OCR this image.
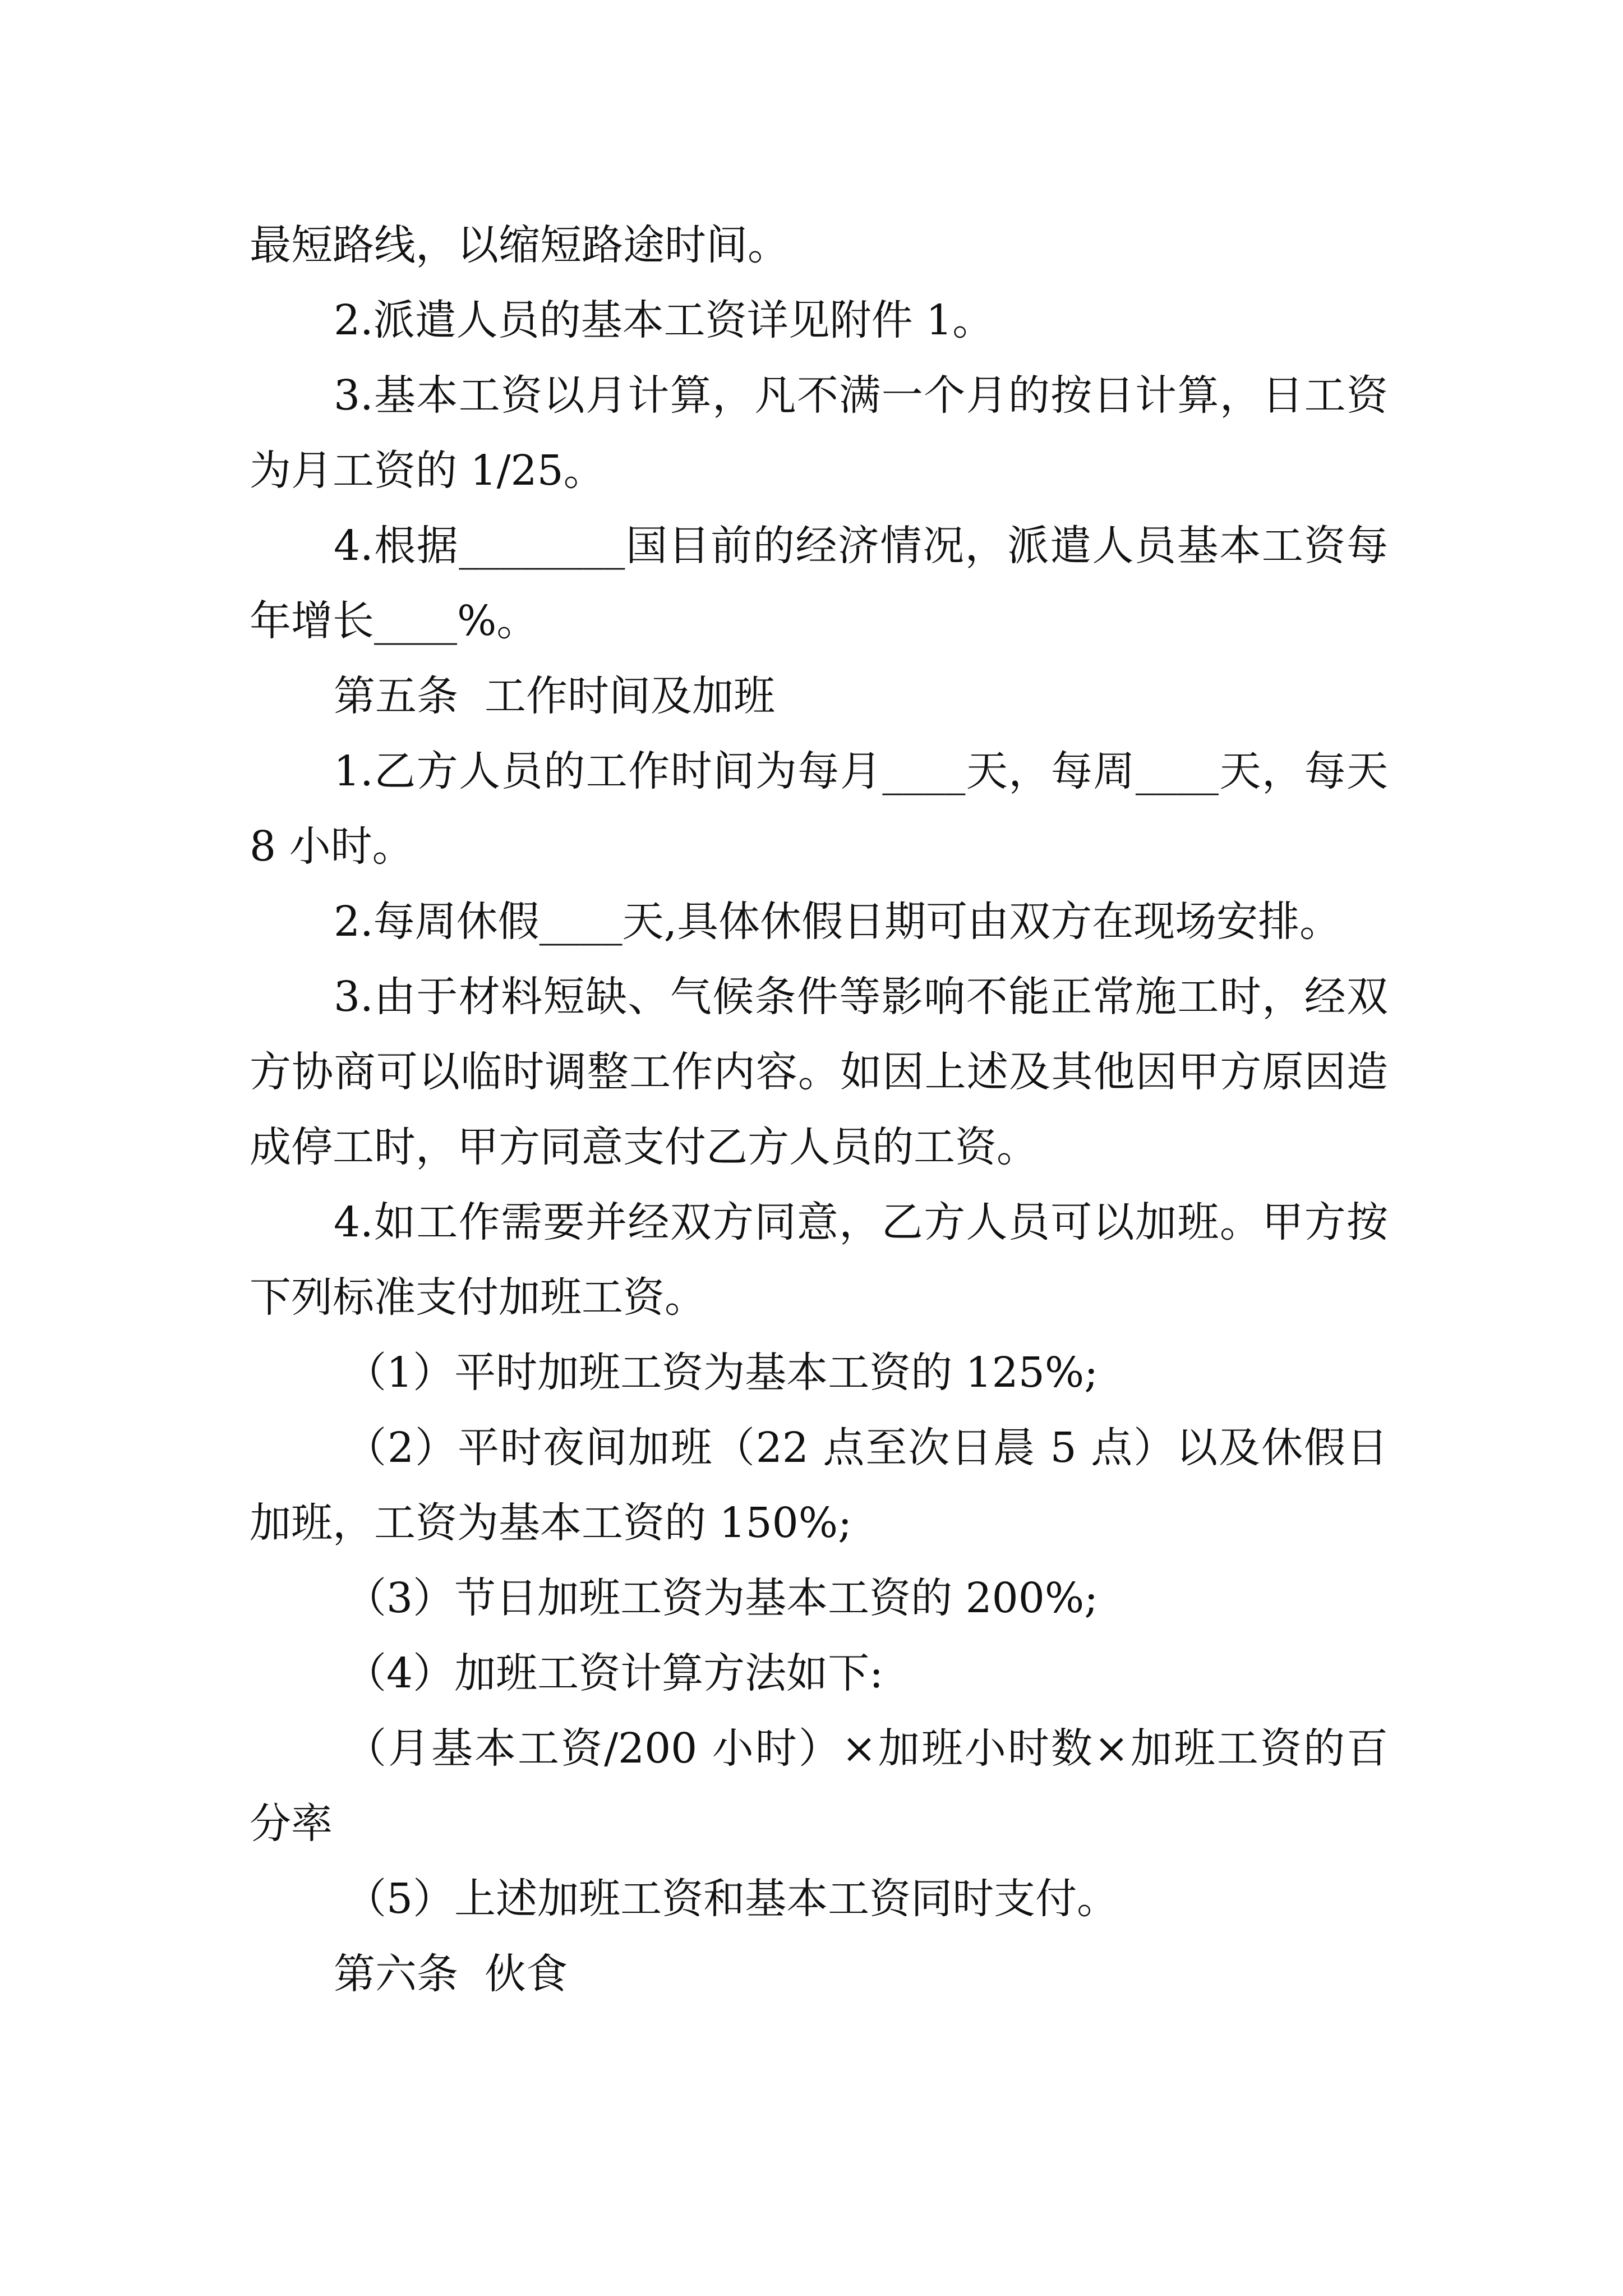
最短路线，以缩短路途时间。

2.派遣人员的基本工资详见附件 1。

3.基本工资以月计算，凡不满一个月的按日计算，日工资为月工资的 1/25。

4.根据________国目前的经济情况，派遣人员基本工资每年增长____%。

第五条  工作时间及加班

1.乙方人员的工作时间为每月____天，每周____天，每天 8 小时。

2.每周休假____天,具体休假日期可由双方在现场安排。

3.由于材料短缺、气候条件等影响不能正常施工时，经双方协商可以临时调整工作内容。如因上述及其他因甲方原因造成停工时，甲方同意支付乙方人员的工资。

4.如工作需要并经双方同意，乙方人员可以加班。甲方按下列标准支付加班工资。

（1）平时加班工资为基本工资的 125%;

（2）平时夜间加班（22 点至次日晨 5 点）以及休假日加班，工资为基本工资的 150%;

（3）节日加班工资为基本工资的 200%;

（4）加班工资计算方法如下:

（月基本工资/200 小时）×加班小时数×加班工资的百分率

（5）上述加班工资和基本工资同时支付。

第六条  伙食
